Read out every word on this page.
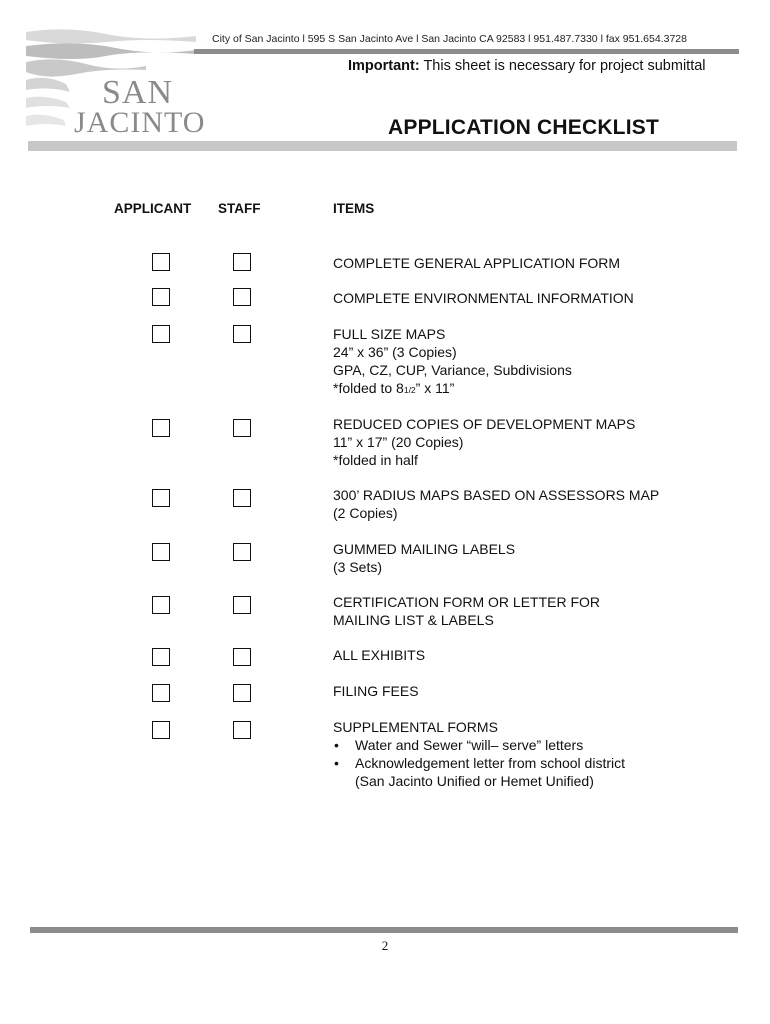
SAN
JACINTO
City of San Jacinto l 595 S San Jacinto Ave l San Jacinto CA 92583 l 951.487.7330 l fax 951.654.3728
Important: This sheet is necessary for project submittal
APPLICATION CHECKLIST
APPLICANT STAFF	ITEMS
COMPLETE GENERAL APPLICATION FORM
COMPLETE ENVIRONMENTAL INFORMATION
FULL SIZE MAPS
24” x 36” (3 Copies)
GPA, CZ, CUP, Variance, Subdivisions
*folded to 81/2” x 11”
REDUCED COPIES OF DEVELOPMENT MAPS
11” x 17” (20 Copies)
*folded in half
300’ RADIUS MAPS BASED ON ASSESSORS MAP
(2 Copies)
GUMMED MAILING LABELS
(3 Sets)
CERTIFICATION FORM OR LETTER FOR
MAILING LIST & LABELS
ALL EXHIBITS
FILING FEES
SUPPLEMENTAL FORMS
• Water and Sewer “will– serve” letters
• Acknowledgement letter from school district
(San Jacinto Unified or Hemet Unified)
2
